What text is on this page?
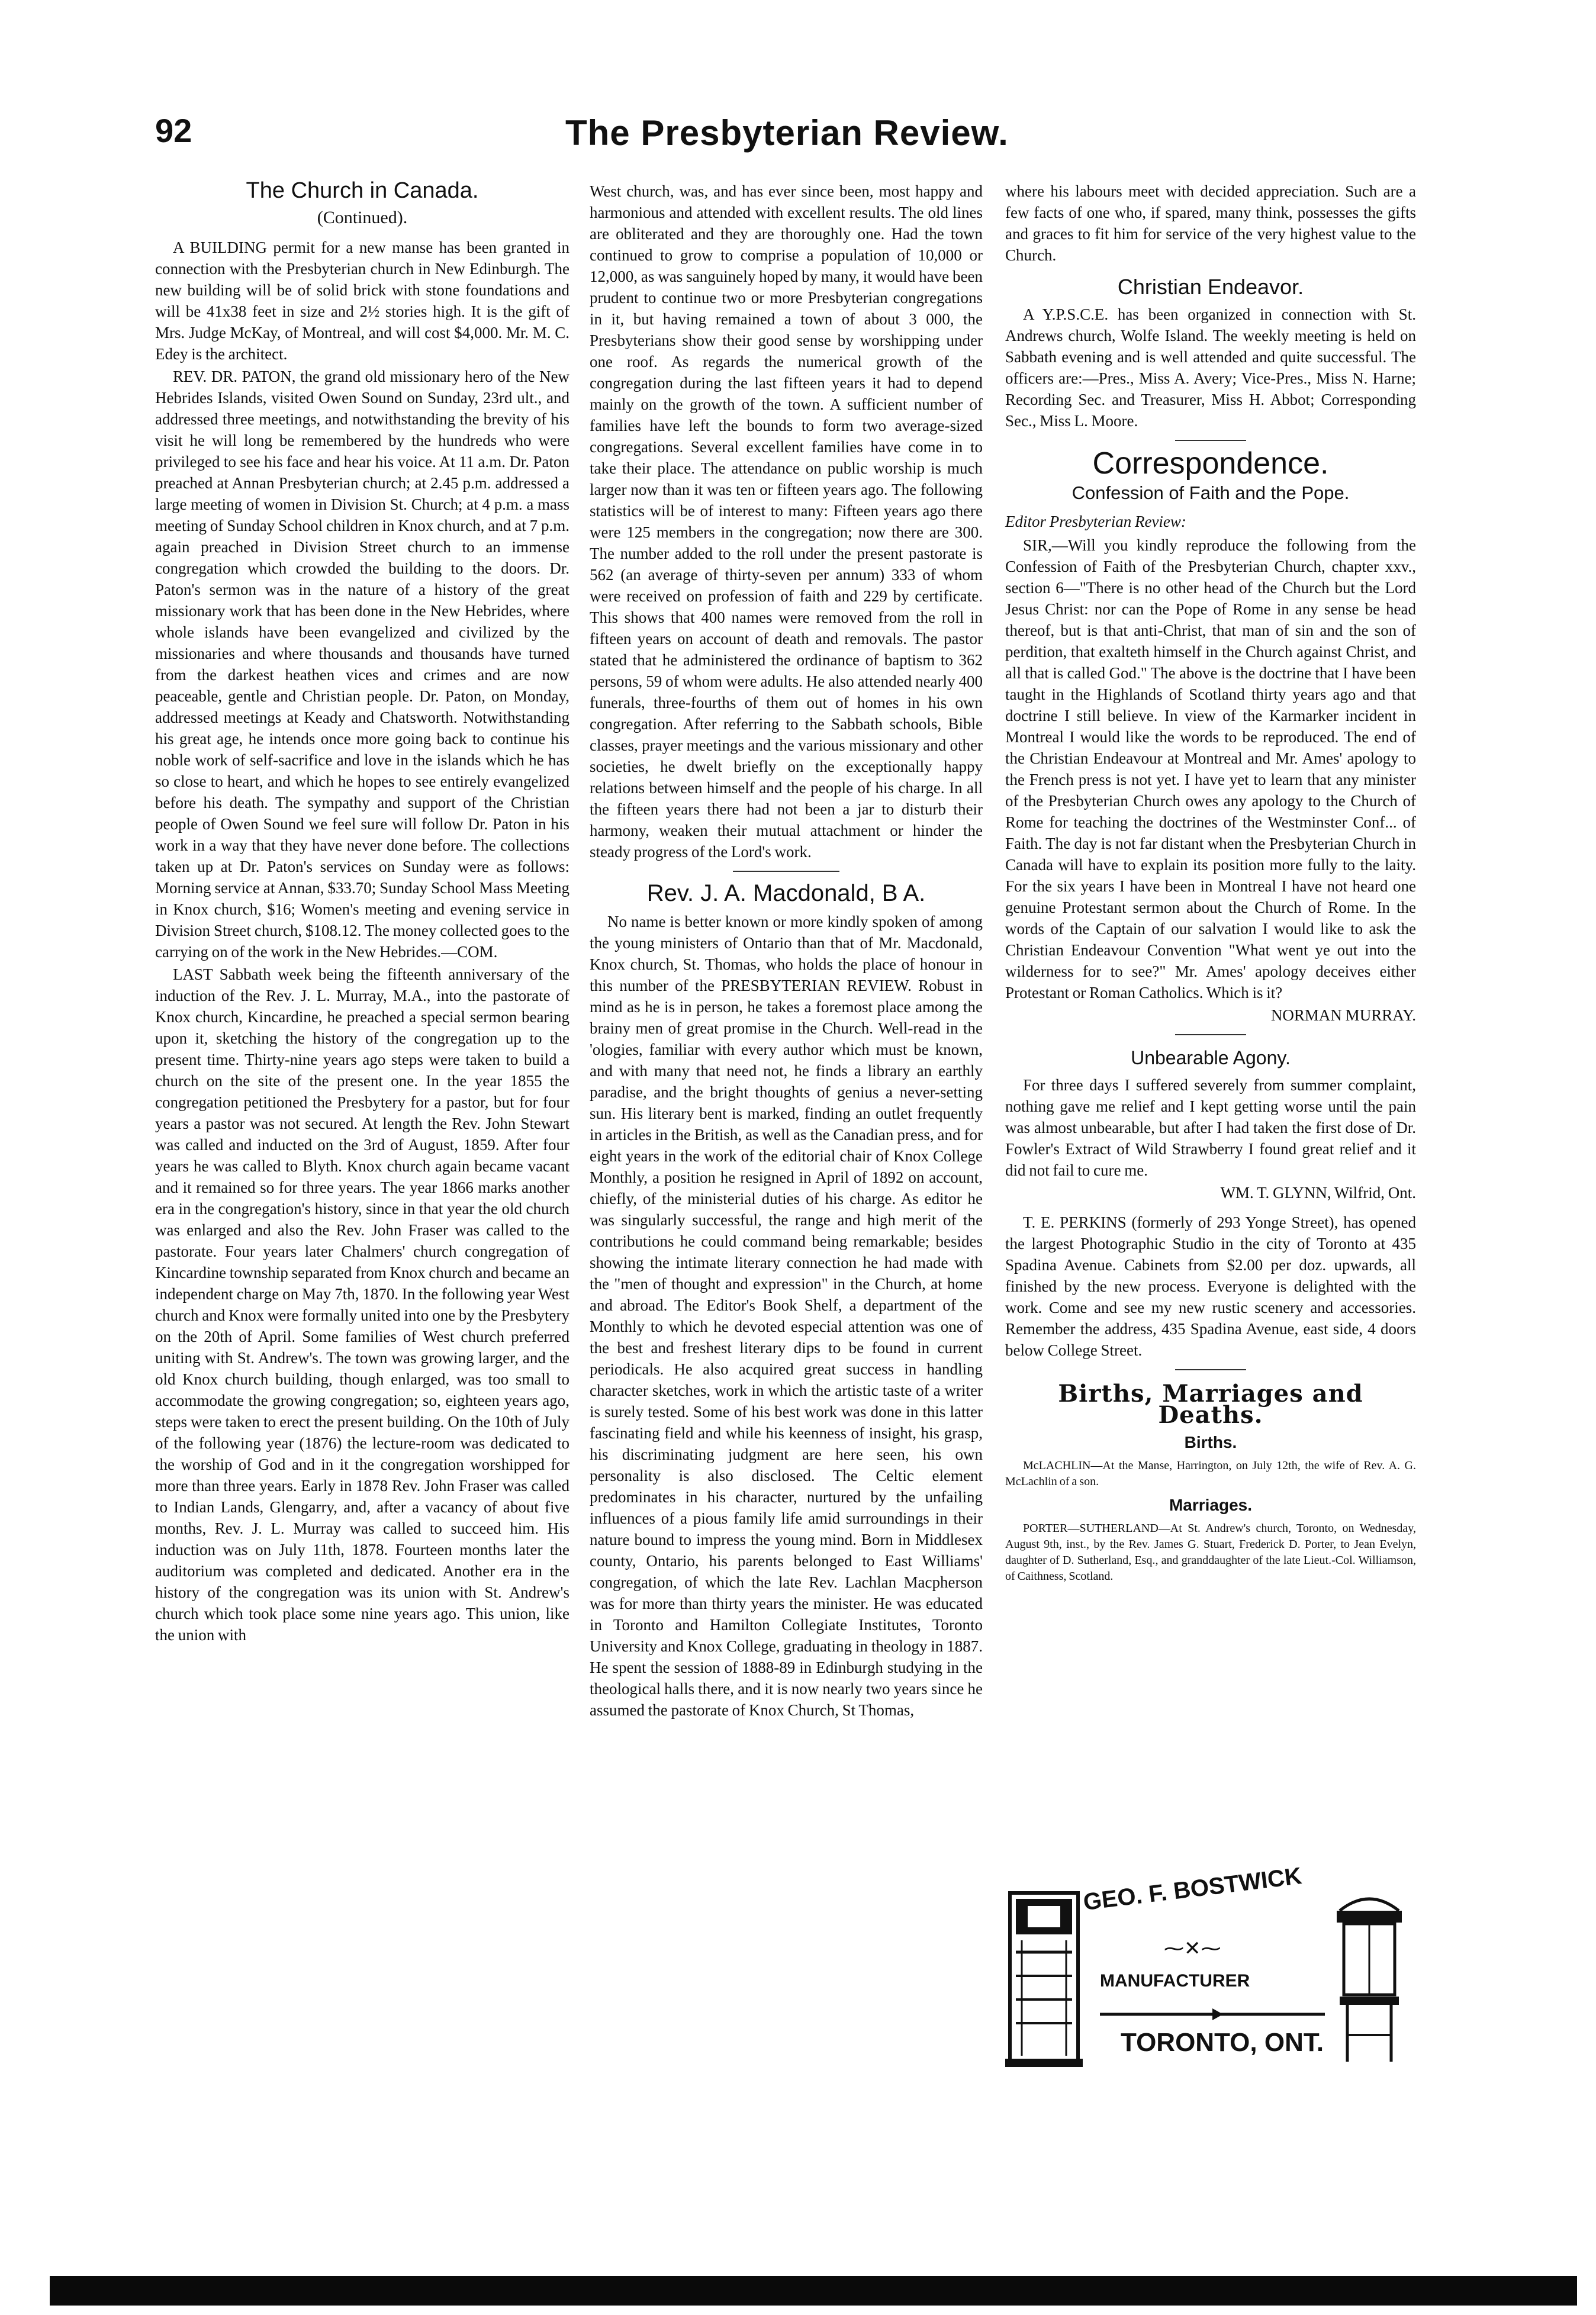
92	The Presbyterian Review.
The Church in Canada.
(Continued).

A BUILDING permit for a new manse has been granted in connection with the Presbyterian church in New Edinburgh. The new building will be of solid brick with stone foundations and will be 41x38 feet in size and 2½ stories high. It is the gift of Mrs. Judge McKay, of Montreal, and will cost $4,000. Mr. M. C. Edey is the architect.

REV. DR. PATON, the grand old missionary hero of the New Hebrides Islands, visited Owen Sound on Sunday, 23rd ult., and addressed three meetings, and notwithstanding the brevity of his visit he will long be remembered by the hundreds who were privileged to see his face and hear his voice. At 11 a.m. Dr. Paton preached at Annan Presbyterian church; at 2.45 p.m. addressed a large meeting of women in Division St. Church; at 4 p.m. a mass meeting of Sunday School children in Knox church, and at 7 p.m. again preached in Division Street church to an immense congregation which crowded the building to the doors. Dr. Paton's sermon was in the nature of a history of the great missionary work that has been done in the New Hebrides, where whole islands have been evangelized and civilized by the missionaries and where thousands and thousands have turned from the darkest heathen vices and crimes and are now peaceable, gentle and Christian people. Dr. Paton, on Monday, addressed meetings at Keady and Chatsworth. Notwithstanding his great age, he intends once more going back to continue his noble work of self-sacrifice and love in the islands which he has so close to heart, and which he hopes to see entirely evangelized before his death. The sympathy and support of the Christian people of Owen Sound we feel sure will follow Dr. Paton in his work in a way that they have never done before. The collections taken up at Dr. Paton's services on Sunday were as follows: Morning service at Annan, $33.70; Sunday School Mass Meeting in Knox church, $16; Women's meeting and evening service in Division Street church, $108.12. The money collected goes to the carrying on of the work in the New Hebrides.—COM.

LAST Sabbath week being the fifteenth anniversary of the induction of the Rev. J. L. Murray, M.A., into the pastorate of Knox church, Kincardine, he preached a special sermon bearing upon it, sketching the history of the congregation up to the present time. Thirty-nine years ago steps were taken to build a church on the site of the present one. In the year 1855 the congregation petitioned the Presbytery for a pastor, but for four years a pastor was not secured. At length the Rev. John Stewart was called and inducted on the 3rd of August, 1859. After four years he was called to Blyth. Knox church again became vacant and it remained so for three years. The year 1866 marks another era in the congregation's history, since in that year the old church was enlarged and also the Rev. John Fraser was called to the pastorate. Four years later Chalmers' church congregation of Kincardine township separated from Knox church and became an independent charge on May 7th, 1870. In the following year West church and Knox were formally united into one by the Presbytery on the 20th of April. Some families of West church preferred uniting with St. Andrew's. The town was growing larger, and the old Knox church building, though enlarged, was too small to accommodate the growing congregation; so, eighteen years ago, steps were taken to erect the present building. On the 10th of July of the following year (1876) the lecture-room was dedicated to the worship of God and in it the congregation worshipped for more than three years. Early in 1878 Rev. John Fraser was called to Indian Lands, Glengarry, and, after a vacancy of about five months, Rev. J. L. Murray was called to succeed him. His induction was on July 11th, 1878. Fourteen months later the auditorium was completed and dedicated. Another era in the history of the congregation was its union with St. Andrew's church which took place some nine years ago. This union, like the union with

West church, was, and has ever since been, most happy and harmonious and attended with excellent results. The old lines are obliterated and they are thoroughly one. Had the town continued to grow to comprise a population of 10,000 or 12,000, as was sanguinely hoped by many, it would have been prudent to continue two or more Presbyterian congregations in it, but having remained a town of about 3 000, the Presbyterians show their good sense by worshipping under one roof. As regards the numerical growth of the congregation during the last fifteen years it had to depend mainly on the growth of the town. A sufficient number of families have left the bounds to form two average-sized congregations. Several excellent families have come in to take their place. The attendance on public worship is much larger now than it was ten or fifteen years ago. The following statistics will be of interest to many: Fifteen years ago there were 125 members in the congregation; now there are 300. The number added to the roll under the present pastorate is 562 (an average of thirty-seven per annum) 333 of whom were received on profession of faith and 229 by certificate. This shows that 400 names were removed from the roll in fifteen years on account of death and removals. The pastor stated that he administered the ordinance of baptism to 362 persons, 59 of whom were adults. He also attended nearly 400 funerals, three-fourths of them out of homes in his own congregation. After referring to the Sabbath schools, Bible classes, prayer meetings and the various missionary and other societies, he dwelt briefly on the exceptionally happy relations between himself and the people of his charge. In all the fifteen years there had not been a jar to disturb their harmony, weaken their mutual attachment or hinder the steady progress of the Lord's work.

Rev. J. A. Macdonald, B A.

No name is better known or more kindly spoken of among the young ministers of Ontario than that of Mr. Macdonald, Knox church, St. Thomas, who holds the place of honour in this number of the PRESBYTERIAN REVIEW. Robust in mind as he is in person, he takes a foremost place among the brainy men of great promise in the Church. Well-read in the 'ologies, familiar with every author which must be known, and with many that need not, he finds a library an earthly paradise, and the bright thoughts of genius a never-setting sun. His literary bent is marked, finding an outlet frequently in articles in the British, as well as the Canadian press, and for eight years in the work of the editorial chair of Knox College Monthly, a position he resigned in April of 1892 on account, chiefly, of the ministerial duties of his charge. As editor he was singularly successful, the range and high merit of the contributions he could command being remarkable; besides showing the intimate literary connection he had made with the "men of thought and expression" in the Church, at home and abroad. The Editor's Book Shelf, a department of the Monthly to which he devoted especial attention was one of the best and freshest literary dips to be found in current periodicals. He also acquired great success in handling character sketches, work in which the artistic taste of a writer is surely tested. Some of his best work was done in this latter fascinating field and while his keenness of insight, his grasp, his discriminating judgment are here seen, his own personality is also disclosed. The Celtic element predominates in his character, nurtured by the unfailing influences of a pious family life amid surroundings in their nature bound to impress the young mind. Born in Middlesex county, Ontario, his parents belonged to East Williams' congregation, of which the late Rev. Lachlan Macpherson was for more than thirty years the minister. He was educated in Toronto and Hamilton Collegiate Institutes, Toronto University and Knox College, graduating in theology in 1887. He spent the session of 1888-89 in Edinburgh studying in the theological halls there, and it is now nearly two years since he assumed the pastorate of Knox Church, St Thomas,

where his labours meet with decided appreciation. Such are a few facts of one who, if spared, many think, possesses the gifts and graces to fit him for service of the very highest value to the Church.

Christian Endeavor.

A Y.P.S.C.E. has been organized in connection with St. Andrews church, Wolfe Island. The weekly meeting is held on Sabbath evening and is well attended and quite successful. The officers are:—Pres., Miss A. Avery; Vice-Pres., Miss N. Harne; Recording Sec. and Treasurer, Miss H. Abbot; Corresponding Sec., Miss L. Moore.

Correspondence.
Confession of Faith and the Pope.

Editor Presbyterian Review:

SIR,—Will you kindly reproduce the following from the Confession of Faith of the Presbyterian Church, chapter xxv., section 6—"There is no other head of the Church but the Lord Jesus Christ: nor can the Pope of Rome in any sense be head thereof, but is that anti-Christ, that man of sin and the son of perdition, that exalteth himself in the Church against Christ, and all that is called God." The above is the doctrine that I have been taught in the Highlands of Scotland thirty years ago and that doctrine I still believe. In view of the Karmarker incident in Montreal I would like the words to be reproduced. The end of the Christian Endeavour at Montreal and Mr. Ames' apology to the French press is not yet. I have yet to learn that any minister of the Presbyterian Church owes any apology to the Church of Rome for teaching the doctrines of the Westminster Conf... of Faith. The day is not far distant when the Presbyterian Church in Canada will have to explain its position more fully to the laity. For the six years I have been in Montreal I have not heard one genuine Protestant sermon about the Church of Rome. In the words of the Captain of our salvation I would like to ask the Christian Endeavour Convention "What went ye out into the wilderness for to see?" Mr. Ames' apology deceives either Protestant or Roman Catholics. Which is it?

NORMAN MURRAY.

Unbearable Agony.

For three days I suffered severely from summer complaint, nothing gave me relief and I kept getting worse until the pain was almost unbearable, but after I had taken the first dose of Dr. Fowler's Extract of Wild Strawberry I found great relief and it did not fail to cure me.

WM. T. GLYNN, Wilfrid, Ont.

T. E. PERKINS (formerly of 293 Yonge Street), has opened the largest Photographic Studio in the city of Toronto at 435 Spadina Avenue. Cabinets from $2.00 per doz. upwards, all finished by the new process. Everyone is delighted with the work. Come and see my new rustic scenery and accessories. Remember the address, 435 Spadina Avenue, east side, 4 doors below College Street.

Births, Marriages and Deaths.
Births.

McLACHLIN—At the Manse, Harrington, on July 12th, the wife of Rev. A. G. McLachlin of a son.

Marriages.

PORTER—SUTHERLAND—At St. Andrew's church, Toronto, on Wednesday, August 9th, inst., by the Rev. James G. Stuart, Frederick D. Porter, to Jean Evelyn, daughter of D. Sutherland, Esq., and granddaughter of the late Lieut.-Col. Williamson, of Caithness, Scotland.

⁓✕⁓
GEO. F. BOSTWICK
MANUFACTURER
TORONTO, ONT.
